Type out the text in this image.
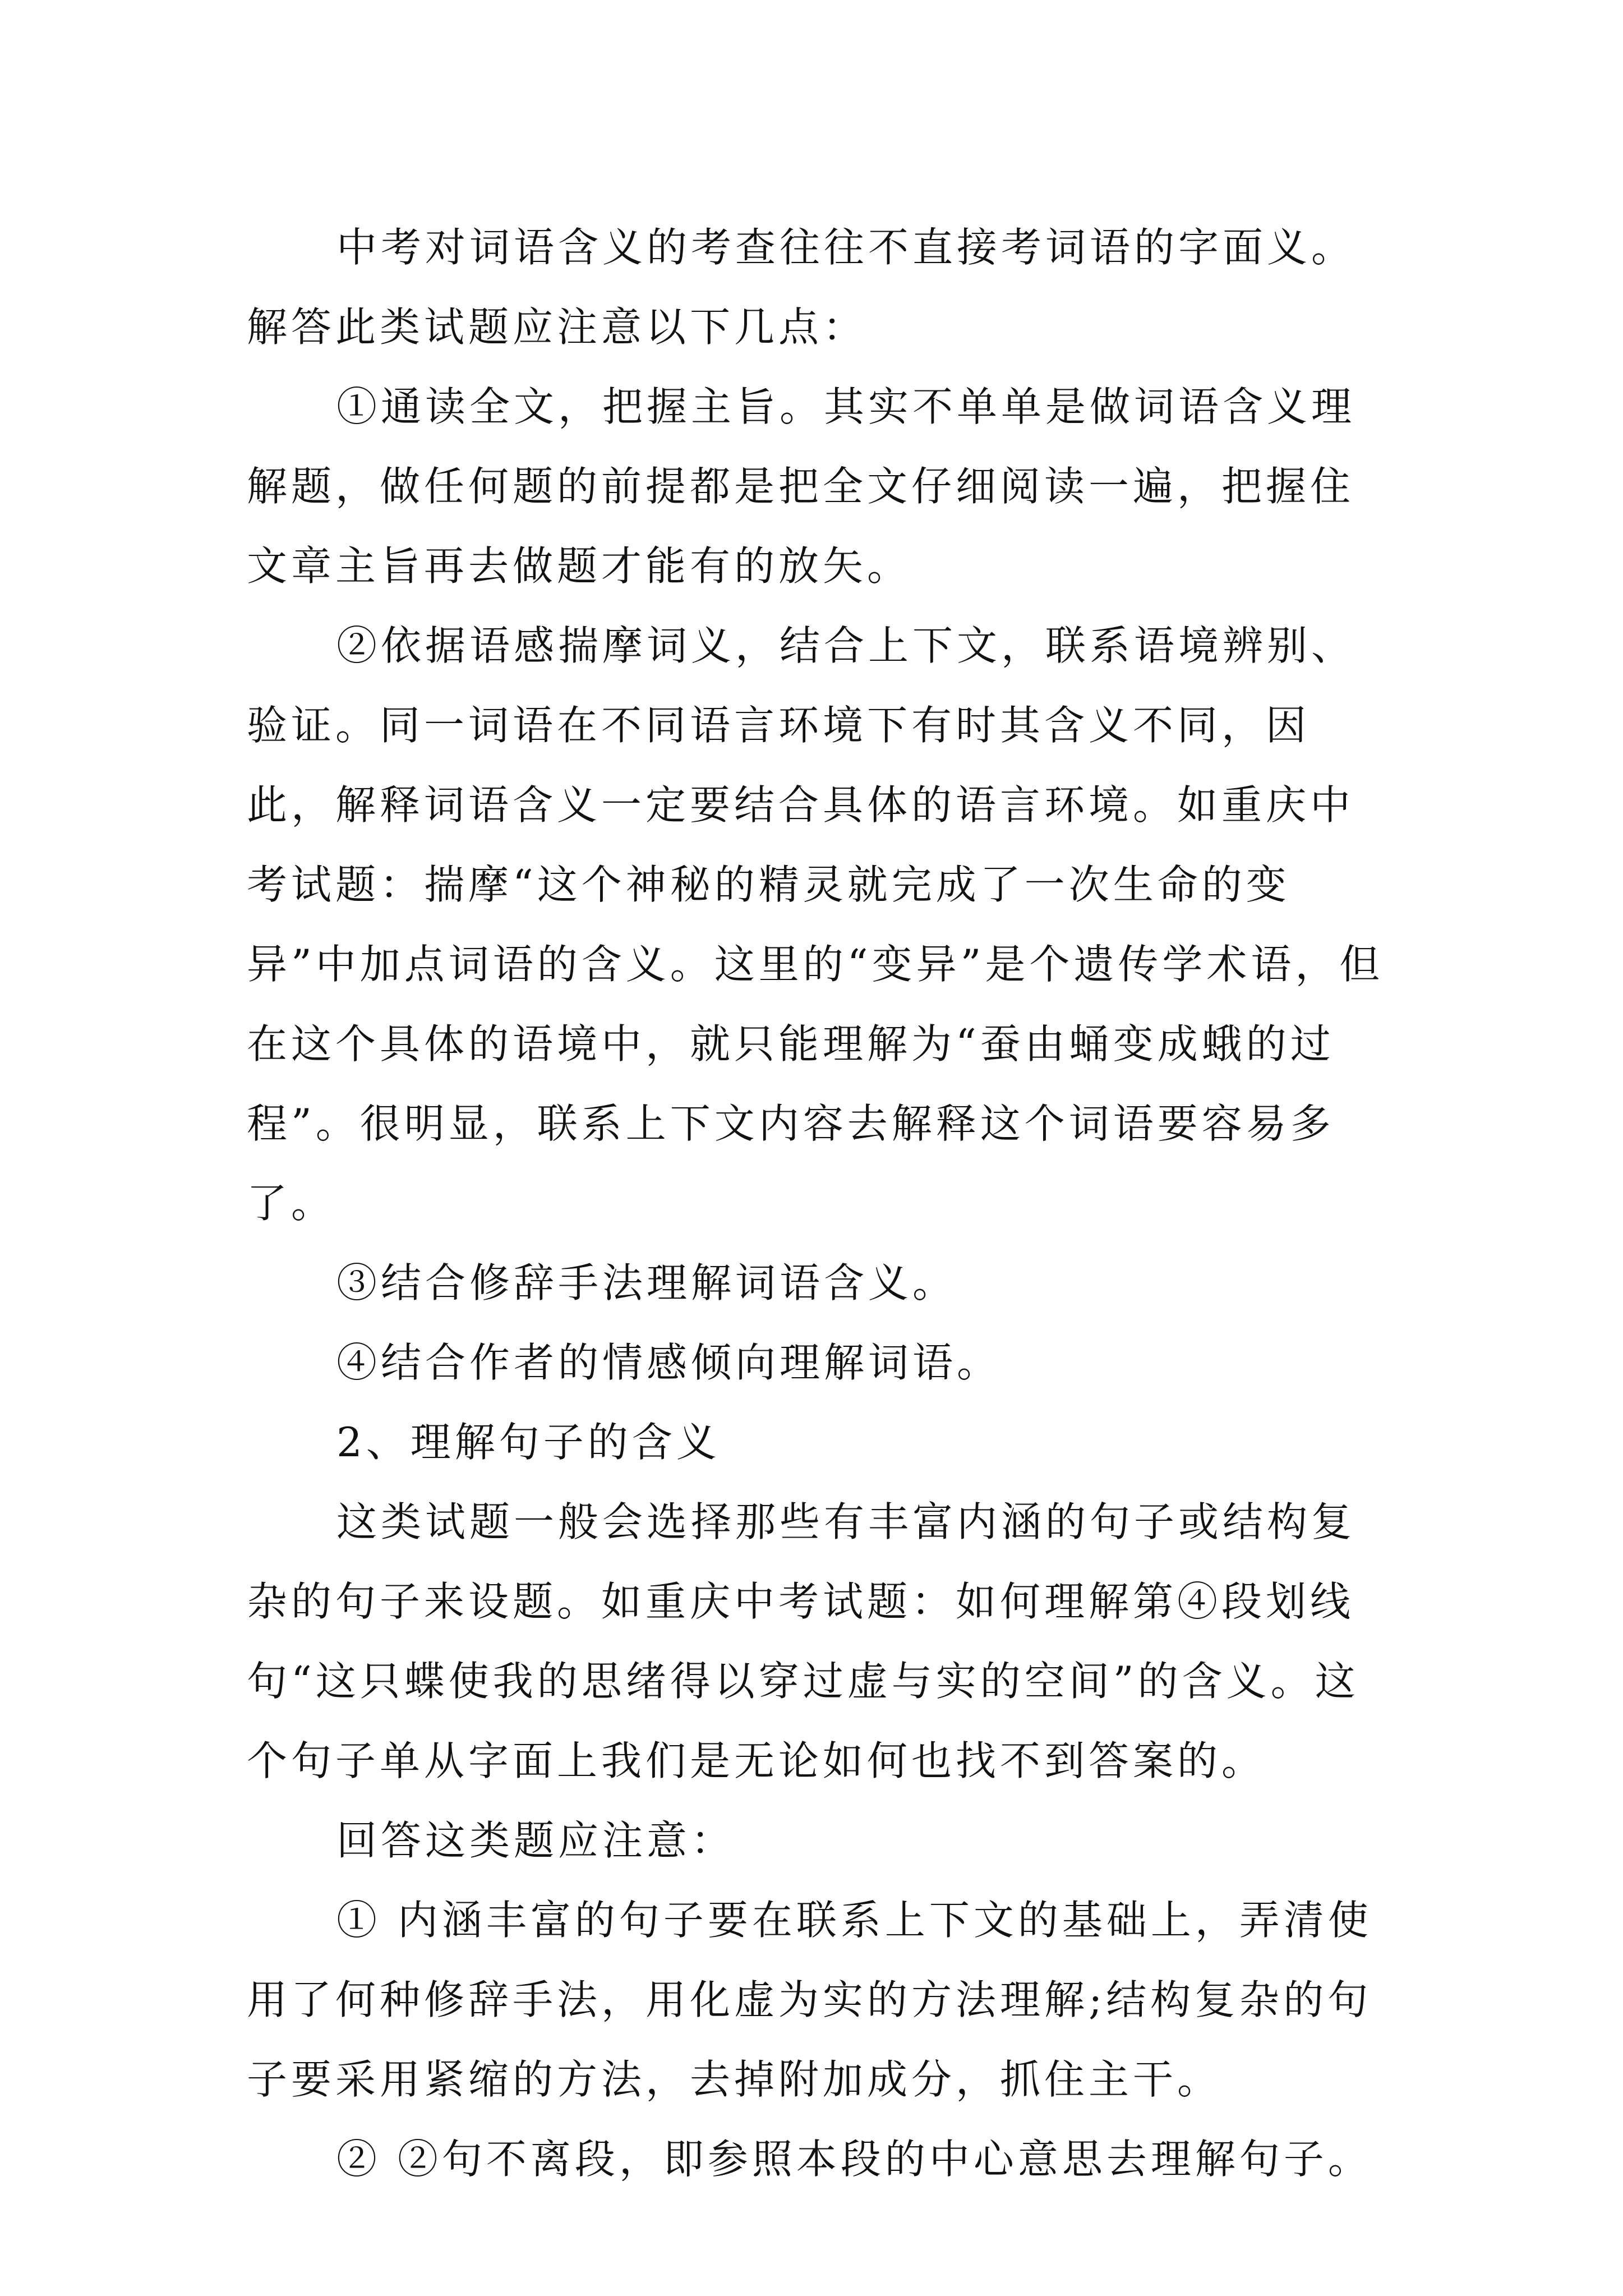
中考对词语含义的考查往往不直接考词语的字面义。解答此类试题应注意以下几点：

①通读全文，把握主旨。其实不单单是做词语含义理解题，做任何题的前提都是把全文仔细阅读一遍，把握住文章主旨再去做题才能有的放矢。

②依据语感揣摩词义，结合上下文，联系语境辨别、验证。同一词语在不同语言环境下有时其含义不同，因此，解释词语含义一定要结合具体的语言环境。如重庆中考试题：揣摩“这个神秘的精灵就完成了一次生命的变异”中加点词语的含义。这里的“变异”是个遗传学术语，但在这个具体的语境中，就只能理解为“蚕由蛹变成蛾的过程”。很明显，联系上下文内容去解释这个词语要容易多了。

③结合修辞手法理解词语含义。

④结合作者的情感倾向理解词语。

2、理解句子的含义

这类试题一般会选择那些有丰富内涵的句子或结构复杂的句子来设题。如重庆中考试题：如何理解第④段划线句“这只蝶使我的思绪得以穿过虚与实的空间”的含义。这个句子单从字面上我们是无论如何也找不到答案的。

回答这类题应注意：

① 内涵丰富的句子要在联系上下文的基础上，弄清使用了何种修辞手法，用化虚为实的方法理解;结构复杂的句子要采用紧缩的方法，去掉附加成分，抓住主干。

② ②句不离段，即参照本段的中心意思去理解句子。
